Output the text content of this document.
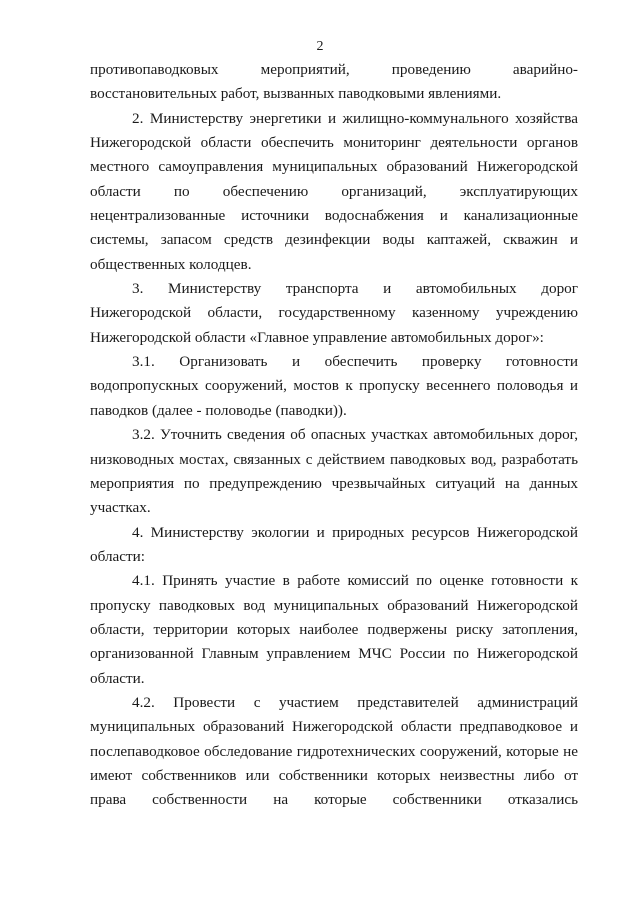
2

противопаводковых мероприятий, проведению аварийно-восстановительных работ, вызванных паводковыми явлениями.

2. Министерству энергетики и жилищно-коммунального хозяйства Нижегородской области обеспечить мониторинг деятельности органов местного самоуправления муниципальных образований Нижегородской области по обеспечению организаций, эксплуатирующих нецентрализованные источники водоснабжения и канализационные системы, запасом средств дезинфекции воды каптажей, скважин и общественных колодцев.

3. Министерству транспорта и автомобильных дорог Нижегородской области, государственному казенному учреждению Нижегородской области «Главное управление автомобильных дорог»:

3.1. Организовать и обеспечить проверку готовности водопропускных сооружений, мостов к пропуску весеннего половодья и паводков (далее - половодье (паводки)).

3.2. Уточнить сведения об опасных участках автомобильных дорог, низководных мостах, связанных с действием паводковых вод, разработать мероприятия по предупреждению чрезвычайных ситуаций на данных участках.

4. Министерству экологии и природных ресурсов Нижегородской области:

4.1. Принять участие в работе комиссий по оценке готовности к пропуску паводковых вод муниципальных образований Нижегородской области, территории которых наиболее подвержены риску затопления, организованной Главным управлением МЧС России по Нижегородской области.

4.2. Провести с участием представителей администраций муниципальных образований Нижегородской области предпаводковое и послепаводковое обследование гидротехнических сооружений, которые не имеют собственников или собственники которых неизвестны либо от права собственности на которые собственники отказались
